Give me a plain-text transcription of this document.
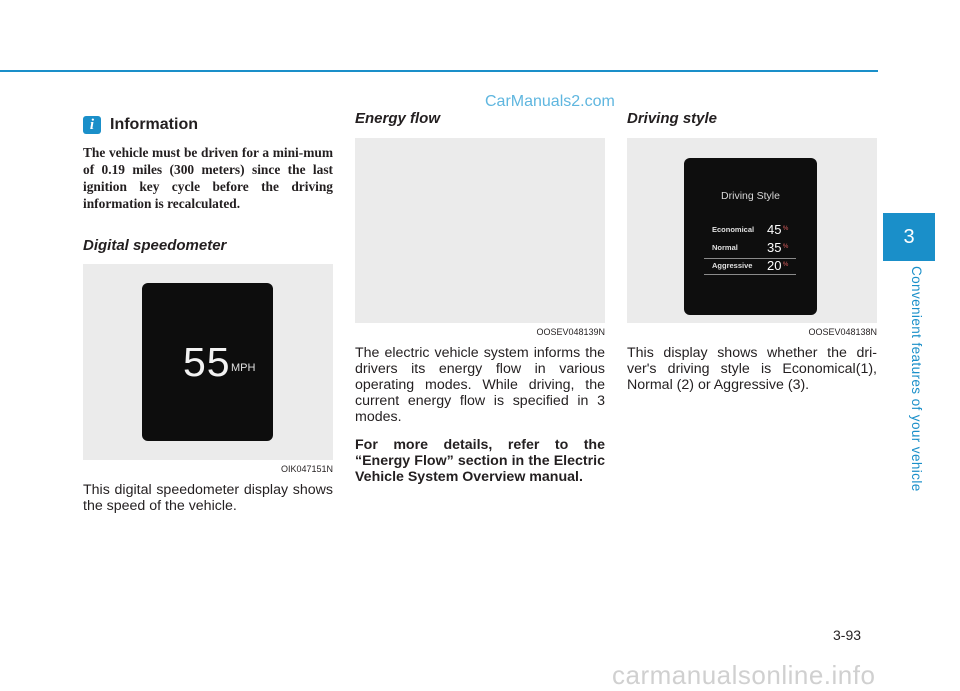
CarManuals2.com
3
Convenient features of your vehicle
i Information
The vehicle must be driven for a mini-mum of 0.19 miles (300 meters) since the last ignition key cycle before the driving information is recalculated.
Digital speedometer
55 MPH
OIK047151N
This digital speedometer display shows the speed of the vehicle.
Energy flow
OOSEV048139N
The electric vehicle system informs the drivers its energy flow in various operating modes. While driving, the current energy flow is specified in 3 modes.
For more details, refer to the “Energy Flow” section in the Electric Vehicle System Overview manual.
Driving style
Driving Style
Economical 45 %
Normal 35 %
Aggressive 20 %
OOSEV048138N
This display shows whether the dri-ver's driving style is Economical(1), Normal (2) or Aggressive (3).
3-93
carmanualsonline.info
